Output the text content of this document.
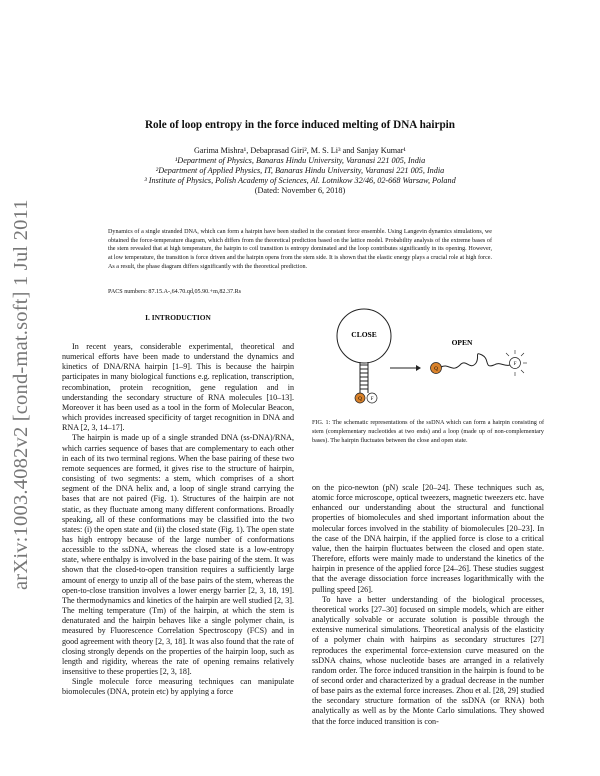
arXiv:1003.4082v2 [cond-mat.soft] 1 Jul 2011
Role of loop entropy in the force induced melting of DNA hairpin
Garima Mishra¹, Debaprasad Giri², M. S. Li³ and Sanjay Kumar¹
¹Department of Physics, Banaras Hindu University, Varanasi 221 005, India
²Department of Applied Physics, IT, Banaras Hindu University, Varanasi 221 005, India
³ Institute of Physics, Polish Academy of Sciences, Al. Lotnikow 32/46, 02-668 Warsaw, Poland
(Dated: November 6, 2018)

Dynamics of a single stranded DNA, which can form a hairpin have been studied in the constant force ensemble. Using Langevin dynamics simulations, we obtained the force-temperature diagram, which differs from the theoretical prediction based on the lattice model. Probability analysis of the extreme bases of the stem revealed that at high temperature, the hairpin to coil transition is entropy dominated and the loop contributes significantly in its opening. However, at low temperature, the transition is force driven and the hairpin opens from the stem side. It is shown that the elastic energy plays a crucial role at high force. As a result, the phase diagram differs significantly with the theoretical prediction.

PACS numbers: 87.15.A-,64.70.qd,05.90.+m,82.37.Rs

I. INTRODUCTION

In recent years, considerable experimental, theoretical and numerical efforts have been made to understand the dynamics and kinetics of DNA/RNA hairpin [1–9]. This is because the hairpin participates in many biological functions e.g. replication, transcription, recombination, protein recognition, gene regulation and in understanding the secondary structure of RNA molecules [10–13]. Moreover it has been used as a tool in the form of Molecular Beacon, which provides increased specificity of target recognition in DNA and RNA [2, 3, 14–17].

The hairpin is made up of a single stranded DNA (ss-DNA)/RNA, which carries sequence of bases that are complementary to each other in each of its two terminal regions. When the base pairing of these two remote sequences are formed, it gives rise to the structure of hairpin, consisting of two segments: a stem, which comprises of a short segment of the DNA helix and, a loop of single strand carrying the bases that are not paired (Fig. 1). Structures of the hairpin are not static, as they fluctuate among many different conformations. Broadly speaking, all of these conformations may be classified into the two states: (i) the open state and (ii) the closed state (Fig. 1). The open state has high entropy because of the large number of conformations accessible to the ssDNA, whereas the closed state is a low-entropy state, where enthalpy is involved in the base pairing of the stem. It was shown that the closed-to-open transition requires a sufficiently large amount of energy to unzip all of the base pairs of the stem, whereas the open-to-close transition involves a lower energy barrier [2, 3, 18, 19]. The thermodynamics and kinetics of the hairpin are well studied [2, 3]. The melting temperature (Tm) of the hairpin, at which the stem is denaturated and the hairpin behaves like a single polymer chain, is measured by Fluorescence Correlation Spectroscopy (FCS) and in good agreement with theory [2, 3, 18]. It was also found that the rate of closing strongly depends on the properties of the hairpin loop, such as length and rigidity, whereas the rate of opening remains relatively insensitive to these properties [2, 3, 18].

Single molecule force measuring techniques can manipulate biomolecules (DNA, protein etc) by applying a force

CLOSE
Q F
OPEN
Q
F

FIG. 1: The schematic representations of the ssDNA which can form a hairpin consisting of stem (complementary nucleotides at two ends) and a loop (made up of non-complementary bases). The hairpin fluctuates between the close and open state.

on the pico-newton (pN) scale [20–24]. These techniques such as, atomic force microscope, optical tweezers, magnetic tweezers etc. have enhanced our understanding about the structural and functional properties of biomolecules and shed important information about the molecular forces involved in the stability of biomolecules [20–23]. In the case of the DNA hairpin, if the applied force is close to a critical value, then the hairpin fluctuates between the closed and open state. Therefore, efforts were mainly made to understand the kinetics of the hairpin in presence of the applied force [24–26]. These studies suggest that the average dissociation force increases logarithmically with the pulling speed [26].

To have a better understanding of the biological processes, theoretical works [27–30] focused on simple models, which are either analytically solvable or accurate solution is possible through the extensive numerical simulations. Theoretical analysis of the elasticity of a polymer chain with hairpins as secondary structures [27] reproduces the experimental force-extension curve measured on the ssDNA chains, whose nucleotide bases are arranged in a relatively random order. The force induced transition in the hairpin is found to be of second order and characterized by a gradual decrease in the number of base pairs as the external force increases. Zhou et al. [28, 29] studied the secondary structure formation of the ssDNA (or RNA) both analytically as well as by the Monte Carlo simulations. They showed that the force induced transition is con-
